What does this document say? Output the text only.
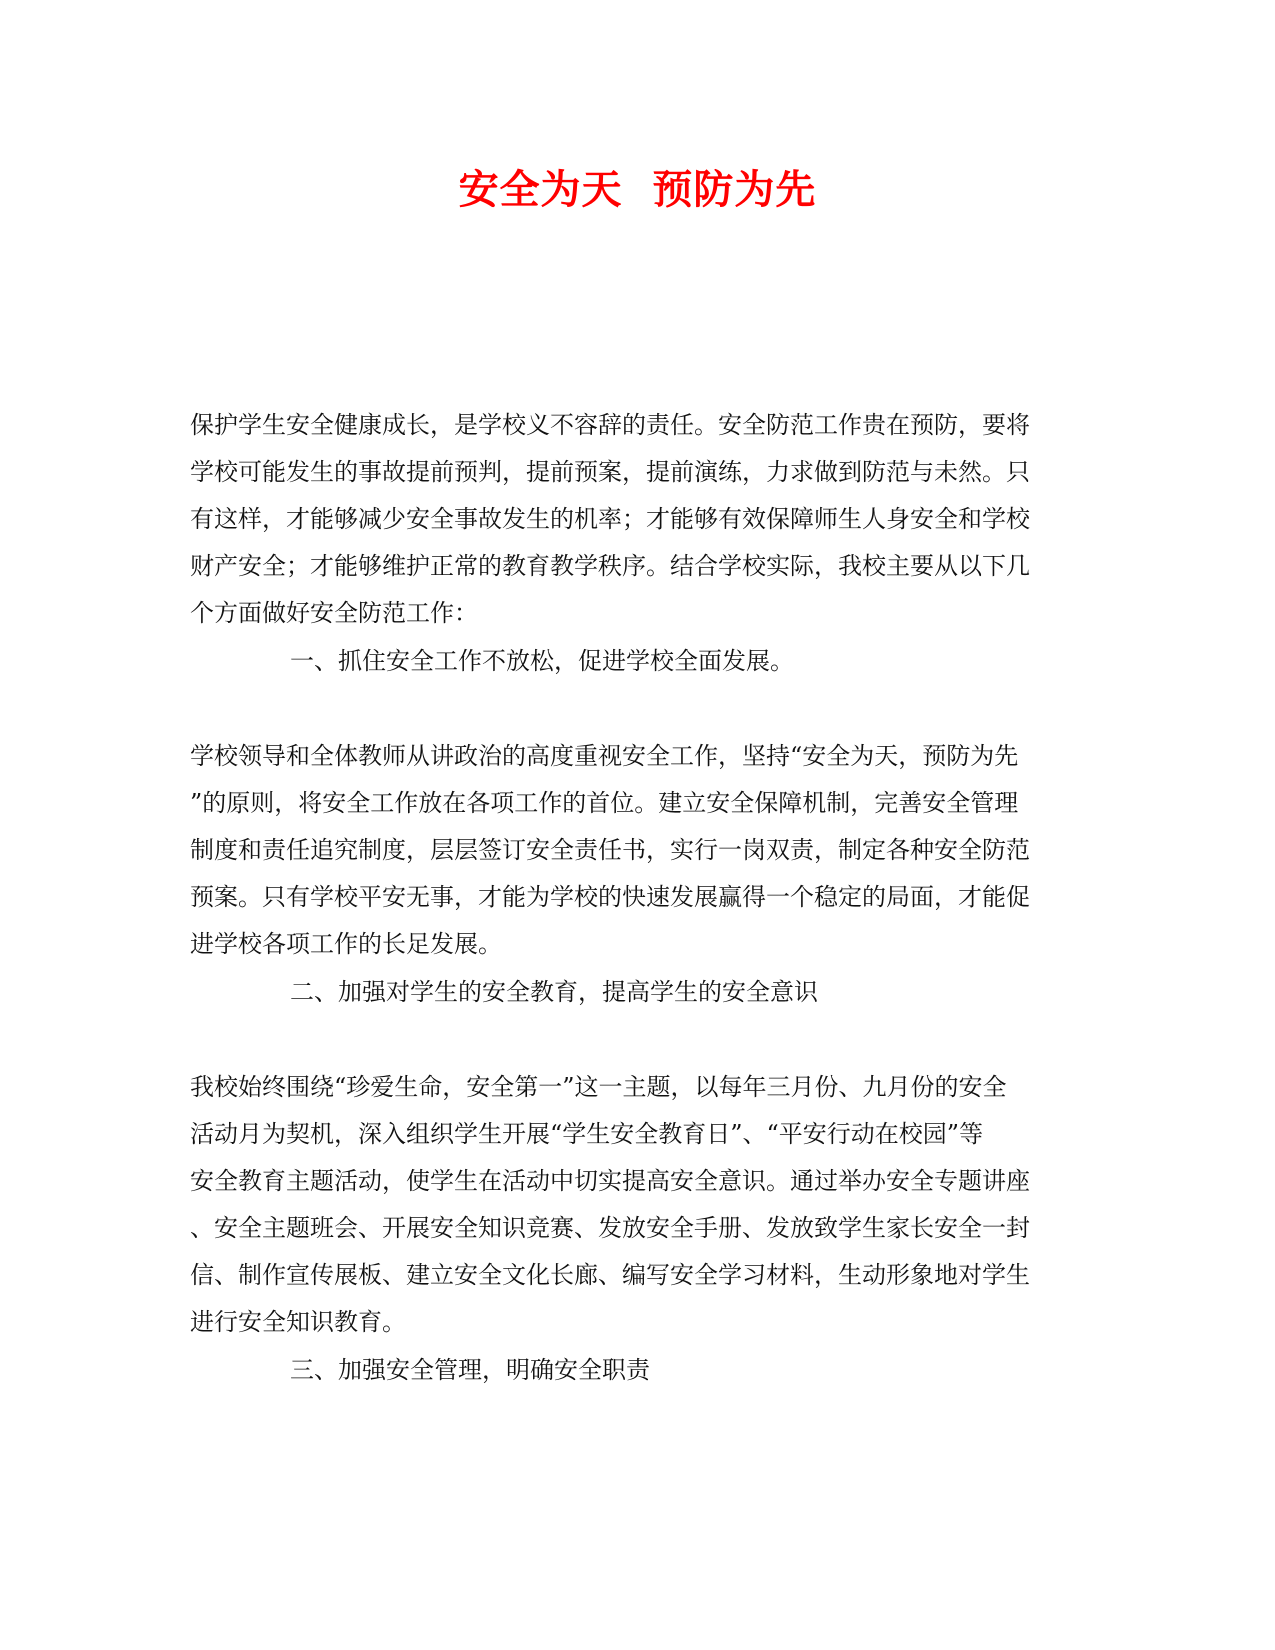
安全为天  预防为先
保护学生安全健康成长，是学校义不容辞的责任。安全防范工作贵在预防，要将
学校可能发生的事故提前预判，提前预案，提前演练，力求做到防范与未然。只
有这样，才能够减少安全事故发生的机率；才能够有效保障师生人身安全和学校
财产安全；才能够维护正常的教育教学秩序。结合学校实际，我校主要从以下几
个方面做好安全防范工作：
一、抓住安全工作不放松，促进学校全面发展。
学校领导和全体教师从讲政治的高度重视安全工作，坚持“安全为天，预防为先
”的原则，将安全工作放在各项工作的首位。建立安全保障机制，完善安全管理
制度和责任追究制度，层层签订安全责任书，实行一岗双责，制定各种安全防范
预案。只有学校平安无事，才能为学校的快速发展赢得一个稳定的局面，才能促
进学校各项工作的长足发展。
二、加强对学生的安全教育，提高学生的安全意识
我校始终围绕“珍爱生命，安全第一”这一主题，以每年三月份、九月份的安全
活动月为契机，深入组织学生开展“学生安全教育日”、“平安行动在校园”等
安全教育主题活动，使学生在活动中切实提高安全意识。通过举办安全专题讲座
、安全主题班会、开展安全知识竞赛、发放安全手册、发放致学生家长安全一封
信、制作宣传展板、建立安全文化长廊、编写安全学习材料，生动形象地对学生
进行安全知识教育。
三、加强安全管理，明确安全职责
